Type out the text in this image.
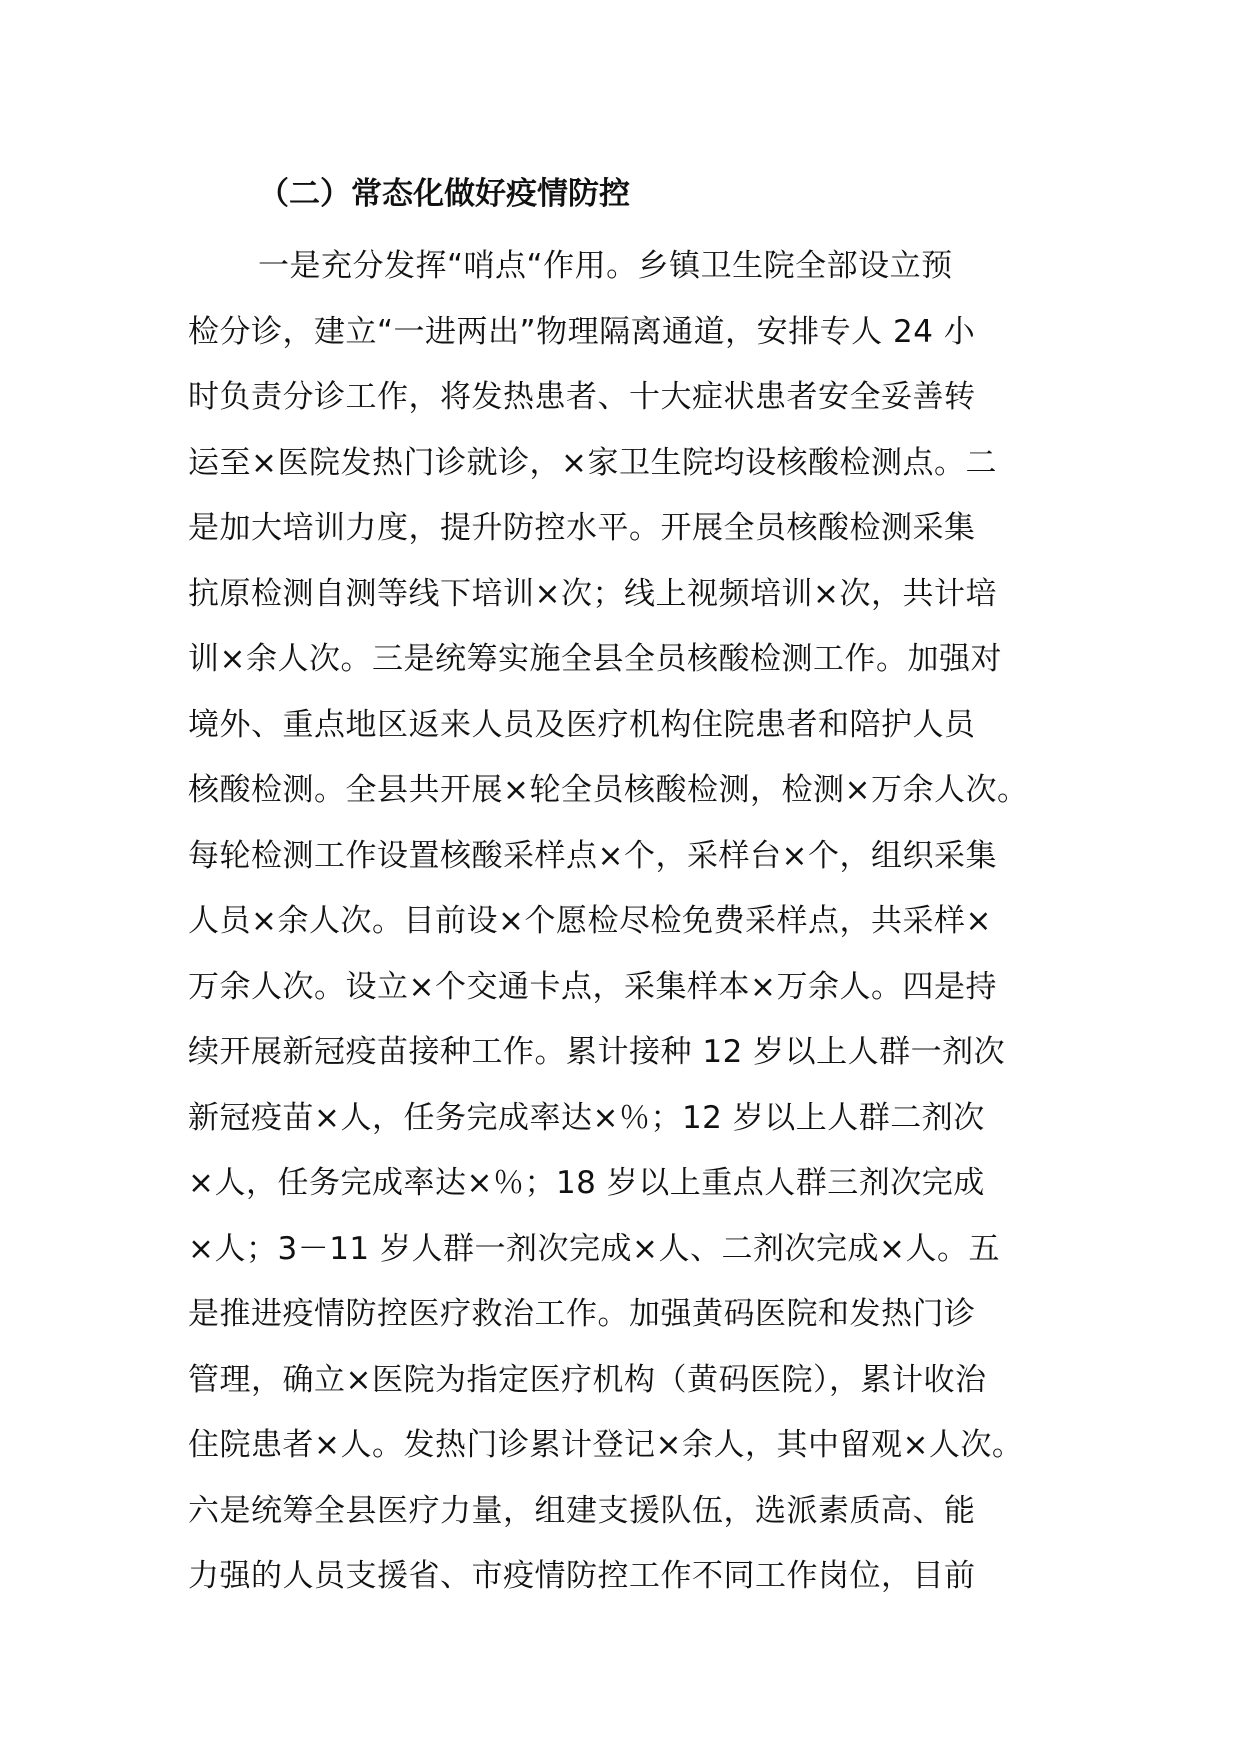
（二）常态化做好疫情防控
一是充分发挥“哨点“作用。乡镇卫生院全部设立预
检分诊，建立“一进两出”物理隔离通道，安排专人 24 小
时负责分诊工作，将发热患者、十大症状患者安全妥善转
运至×医院发热门诊就诊，×家卫生院均设核酸检测点。二
是加大培训力度，提升防控水平。开展全员核酸检测采集
抗原检测自测等线下培训×次；线上视频培训×次，共计培
训×余人次。三是统筹实施全县全员核酸检测工作。加强对
境外、重点地区返来人员及医疗机构住院患者和陪护人员
核酸检测。全县共开展×轮全员核酸检测，检测×万余人次。
每轮检测工作设置核酸采样点×个，采样台×个，组织采集
人员×余人次。目前设×个愿检尽检免费采样点，共采样×
万余人次。设立×个交通卡点，采集样本×万余人。四是持
续开展新冠疫苗接种工作。累计接种 12 岁以上人群一剂次
新冠疫苗×人，任务完成率达×％；12 岁以上人群二剂次
×人，任务完成率达×％；18 岁以上重点人群三剂次完成
×人；3－11 岁人群一剂次完成×人、二剂次完成×人。五
是推进疫情防控医疗救治工作。加强黄码医院和发热门诊
管理，确立×医院为指定医疗机构（黄码医院），累计收治
住院患者×人。发热门诊累计登记×余人，其中留观×人次。
六是统筹全县医疗力量，组建支援队伍，选派素质高、能
力强的人员支援省、市疫情防控工作不同工作岗位，目前
